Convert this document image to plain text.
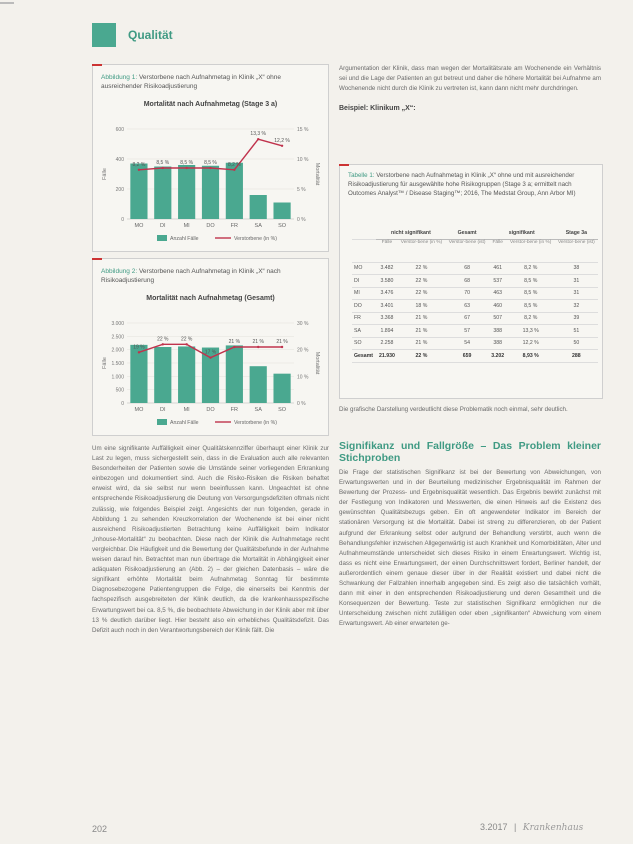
Qualität
Abbildung 1: Verstorbene nach Aufnahmetag in Klinik „X“ ohne ausreichender Risikoadjustierung
Mortalität nach Aufnahmetag (Stage 3 a)
600
400
200
0
15 %
10 %
5 %
0 %
Fälle	Mortalität
MO	DI	MI	DO	FR	SA	SO
8,2 % 8,5 % 8,5 % 8,5 % 8,2 %
13,3 %
12,2 %
Anzahl Fälle	Verstorbene (in %)
Abbildung 2: Verstorbene nach Aufnahmetag in Klinik „X“ nach Risikoadjustierung
Mortalität nach Aufnahmetag (Gesamt)
3.000
2.500
2.000
1.500
1.000
500
0
30 %
20 %
10 %
0 %
Fälle	Mortalität
MO	DI	MI	DO	FR	SA	SO
19 %
22 % 22 %
17 %
21 % 21 % 21 %
Anzahl Fälle	Verstorbene (in %)

Um eine signifikante Auffälligkeit einer Qualitätskennziffer überhaupt einer Klinik zur Last zu legen, muss sichergestellt sein, dass in die Evaluation auch alle relevanten Besonderheiten der Patienten sowie die Umstände seiner vorliegenden Erkrankung einbezogen und dokumentiert sind. Auch die Risiko-Risiken die Risiken behaftet erweist wird, da sie selbst nur wenn beeinflussen kann. Ungeachtet ist ohne entsprechende Risikoadjustierung die Deutung von Versorgungsdefiziten oftmals nicht zulässig, wie folgendes Beispiel zeigt. Angesichts der nun folgenden, gerade in Abbildung 1 zu sehenden Kreuzkorrelation der Wochenende ist bei einer nicht ausreichend Risikoadjustierten Betrachtung keine Auffälligkeit beim Indikator „Inhouse-Mortalität“ zu beobachten. Diese nach der Klinik die Aufnahmetage recht vergleichbar. Die Häufigkeit und die Bewertung der Qualitätsbefunde in der Aufnahme weisen darauf hin. Betrachtet man nun übertrage die Mortalität in Abhängigkeit einer adäquaten Risikoadjustierung an (Abb. 2) – der gleichen Datenbasis – wäre die signifikant erhöhte Mortalität beim Aufnahmetag Sonntag für bestimmte Diagnosebezogene Patientengruppen die Folge, die einerseits bei Kenntnis der fachspezifisch ausgebreiteten der Klinik deutlich, da die krankenhausspezifische Erwartungswert bei ca. 8,5 %, die beobachtete Abweichung in der Klinik aber mit über 13 % deutlich darüber liegt. Hier besteht also ein erhebliches Qualitätsdefizit. Das Defizit auch noch in den Verantwortungsbereich der Klinik fällt. Die

Argumentation der Klinik, dass man wegen der Mortalitätsrate am Wochenende ein Verhältnis sei und die Lage der Patienten an gut betreut und daher die höhere Mortalität bei Aufnahme am Wochenende nicht durch die Klinik zu vertreten ist, kann dann nicht mehr durchdringen.

Beispiel: Klinikum „X“:

Tabelle 1: Verstorbene nach Aufnahmetag in Klinik „X“ ohne und mit ausreichender Risikoadjustierung für ausgewählte hohe Risikogruppen (Stage 3 a; ermittelt nach Outcomes Analyst™ / Disease Staging™; 2016, The Medstat Group, Ann Arbor MI)
	nicht signifikant		Gesamt	signifikant		Stage 3a
	Fälle	Verstor-bene (in %)	Verstor-bene (ist)	Fälle	Verstor-bene (in %)	Verstor-bene (ist)
MO	3.482	22 %	68	461	8,2 %	38
DI	3.580	22 %	68	537	8,5 %	31
MI	3.476	22 %	70	463	8,5 %	31
DO	3.401	18 %	63	460	8,5 %	32
FR	3.368	21 %	67	507	8,2 %	39
SA	1.894	21 %	57	388	13,3 %	51
SO	2.258	21 %	54	388	12,2 %	50
Gesamt	21.930	22 %	659	3.202	8,93 %	288

Die grafische Darstellung verdeutlicht diese Problematik noch einmal, sehr deutlich.

Signifikanz und Fallgröße – Das Problem kleiner Stichproben

Die Frage der statistischen Signifikanz ist bei der Bewertung von Abweichungen, von Erwartungswerten und in der Beurteilung medizinischer Ergebnisqualität im Rahmen der Bewertung der Prozess- und Ergebnisqualität wesentlich. Das Ergebnis bewirkt zunächst mit der Festlegung von Indikatoren und Messwerten, die einen Hinweis auf die Existenz des gewünschten Qualitätsbezugs geben. Ein oft angewendeter Indikator im Bereich der stationären Versorgung ist die Mortalität. Dabei ist streng zu differenzieren, ob der Patient aufgrund der Erkrankung selbst oder aufgrund der Behandlung verstirbt, auch wenn die Behandlungsfehler inzwischen Allgegenwärtig ist auch Krankheit und Komorbiditäten, Alter und Aufnahmeumstände unterscheidet sich dieses Risiko in einem Erwartungswert. Wichtig ist, dass es nicht eine Erwartungswert, der einen Durchschnittswert fordert, Berliner handelt, der außerordentlich einem genaue dieser über in der Realität existiert und dabei nicht die Schwankung der Fallzahlen innerhalb angegeben sind. Es zeigt also die tatsächlich vorhält, dann mit einer in den entsprechenden Risikoadjustierung und deren Gesamtheit und die Konsequenzen der Bewertung. Teste zur statistischen Signifikanz ermöglichen nur die Unterscheidung zwischen nicht zufälligen oder eben „signifikanten“ Abweichung vom einem Erwartungswert. Ab einer erwarteten ge-

202	3.2017 | Krankenhaus
